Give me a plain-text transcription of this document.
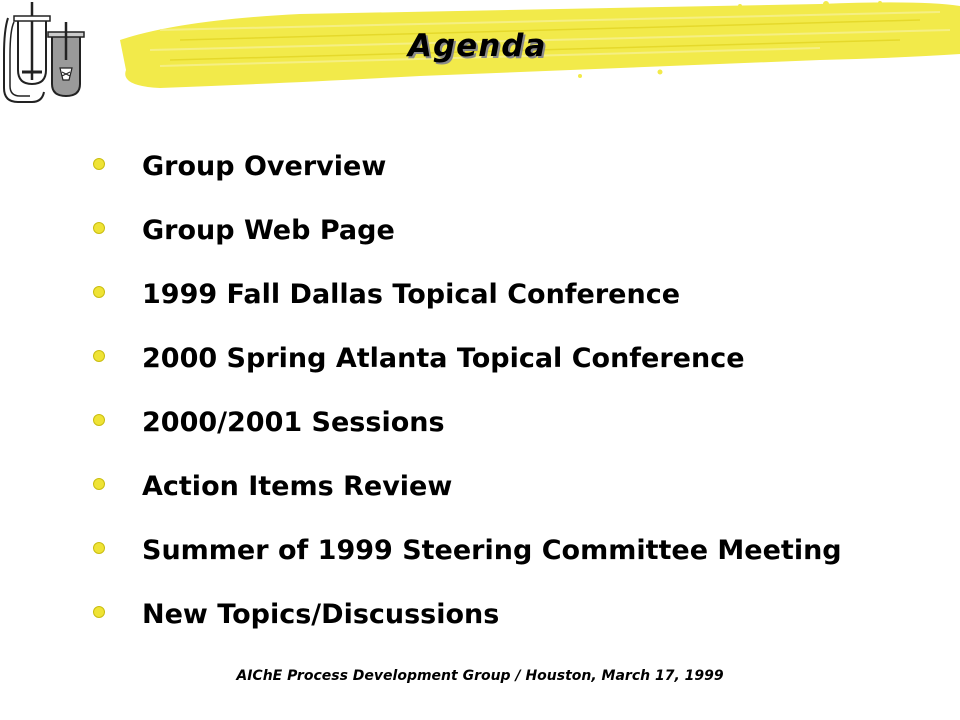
Agenda
Group Overview
Group Web Page
1999 Fall Dallas Topical Conference
2000 Spring Atlanta Topical Conference
2000/2001 Sessions
Action Items Review
Summer of 1999 Steering Committee Meeting
New Topics/Discussions
AIChE Process Development Group / Houston, March 17, 1999
